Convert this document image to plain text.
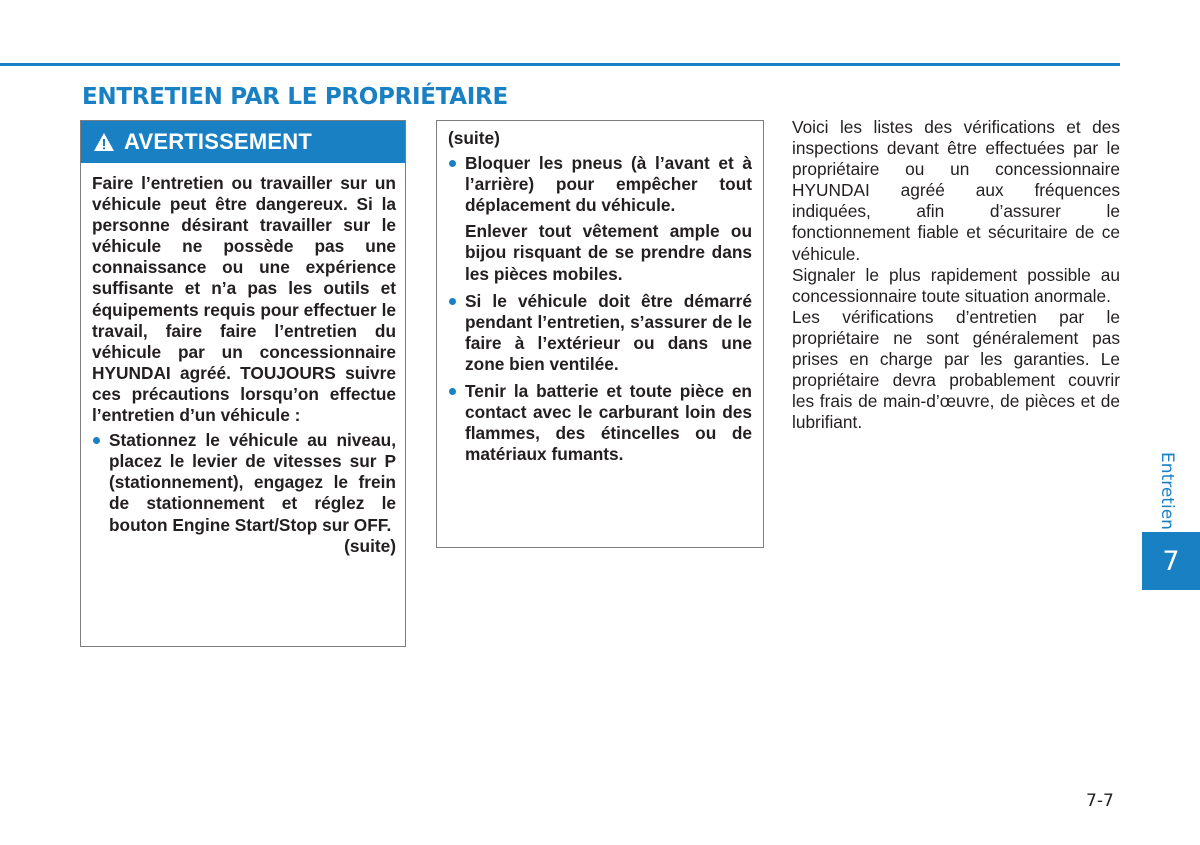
ENTRETIEN PAR LE PROPRIÉTAIRE
AVERTISSEMENT

Faire l’entretien ou travailler sur un véhicule peut être dangereux. Si la personne désirant travailler sur le véhicule ne possède pas une connaissance ou une expérience suffisante et n’a pas les outils et équipements requis pour effectuer le travail, faire faire l’entretien du véhicule par un concessionnaire HYUNDAI agréé. TOUJOURS suivre ces précautions lorsqu’on effectue l’entretien d’un véhicule :

Stationnez le véhicule au niveau, placez le levier de vitesses sur P (stationnement), engagez le frein de stationnement et réglez le bouton Engine Start/Stop sur OFF.

(suite)

(suite)

Bloquer les pneus (à l’avant et à l’arrière) pour empêcher tout déplacement du véhicule.

Enlever tout vêtement ample ou bijou risquant de se prendre dans les pièces mobiles.

Si le véhicule doit être démarré pendant l’entretien, s’assurer de le faire à l’extérieur ou dans une zone bien ventilée.
Tenir la batterie et toute pièce en contact avec le carburant loin des flammes, des étincelles ou de matériaux fumants.

Voici les listes des vérifications et des inspections devant être effectuées par le propriétaire ou un concessionnaire HYUNDAI agréé aux fréquences indiquées, afin d’assurer le fonctionnement fiable et sécuritaire de ce véhicule.

Signaler le plus rapidement possible au concessionnaire toute situation anormale.

Les vérifications d’entretien par le propriétaire ne sont généralement pas prises en charge par les garanties. Le propriétaire devra probablement couvrir les frais de main-d’œuvre, de pièces et de lubrifiant.

Entretien
7
7-7
